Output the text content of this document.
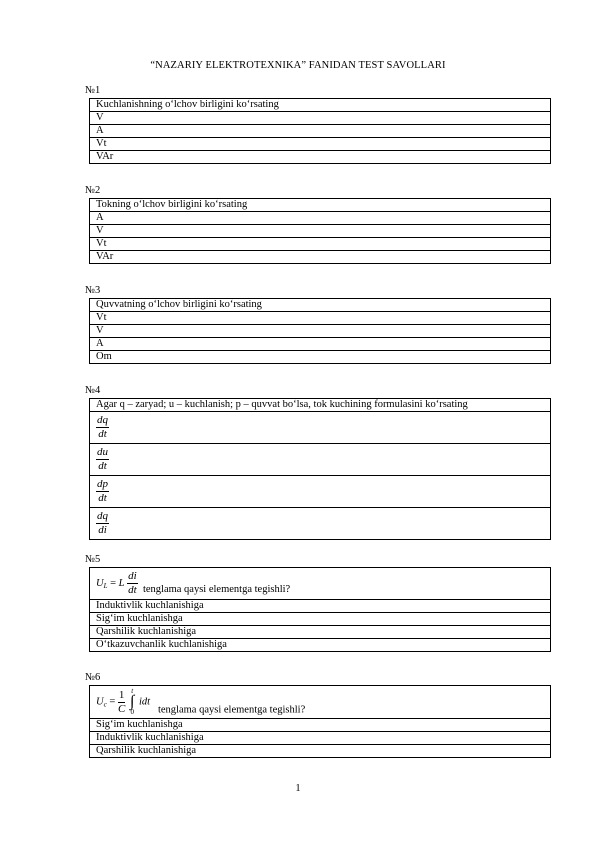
“NAZARIY ELEKTROTEXNIKA” FANIDAN TEST SAVOLLARI
№1
Kuchlanishning o‘lchov birligini ko‘rsating
V
A
Vt
VAr
№2
Tokning o‘lchov birligini ko‘rsating
A
V
Vt
VAr
№3
Quvvatning o‘lchov birligini ko‘rsating
Vt
V
A
Om
№4
Agar q – zaryad; u – kuchlanish; p – quvvat bo‘lsa, tok kuchining formulasini ko‘rsating

$\frac{dq}{dt}$

$\frac{du}{dt}$

$\frac{dp}{dt}$

$\frac{dq}{di}$
№5
$U_L = L \frac{di}{dt}$ tenglama qaysi elementga tegishli?
Induktivlik kuchlanishiga
Sig‘im kuchlanishga
Qarshilik kuchlanishiga
O‘tkazuvchanlik kuchlanishiga
№6
$U_c = \frac{1}{C}$
t
∫
0
idt   tenglama qaysi elementga tegishli?
Sig‘im kuchlanishga
Induktivlik kuchlanishiga
Qarshilik kuchlanishiga
1
